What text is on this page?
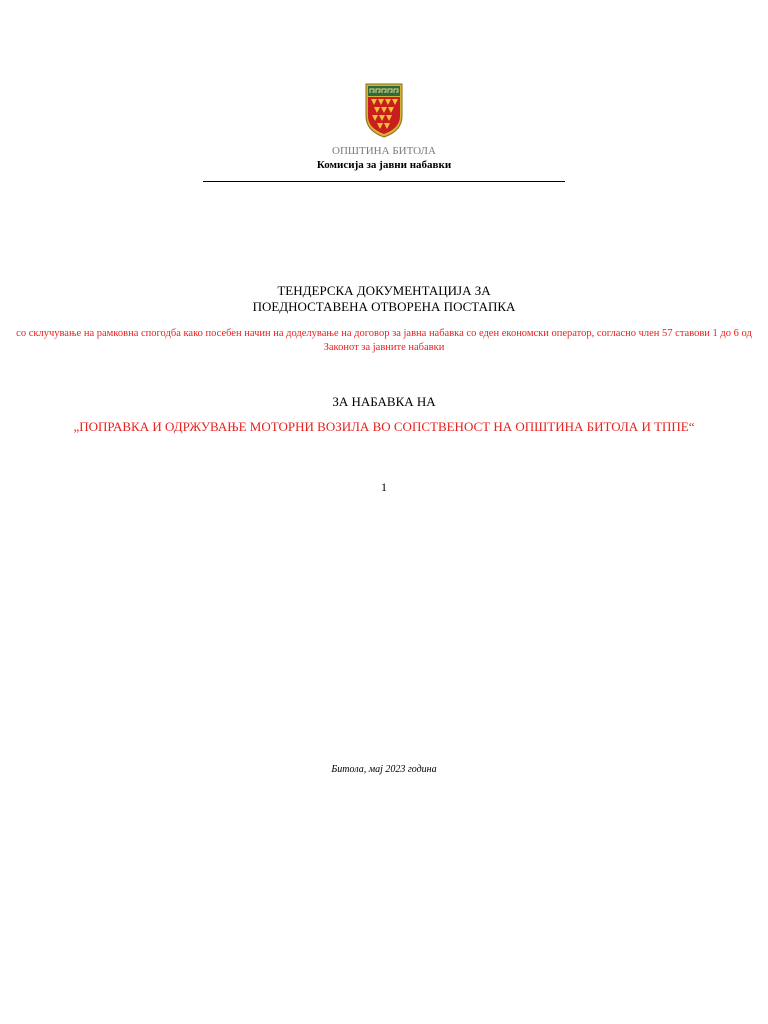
ОПШТИНА БИТОЛА
Комисија за јавни набавки
ТЕНДЕРСКА ДОКУМЕНТАЦИЈА ЗА
ПОЕДНОСТАВЕНА ОТВОРЕНА ПОСТАПКА
со склучување на рамковна спогодба како посебен начин на доделување на договор за јавна набавка со еден економски оператор, согласно член 57 ставови 1 до 6 од Законот за јавните набавки
ЗА НАБАВКА НА
„ПОПРАВКА И ОДРЖУВАЊЕ МОТОРНИ ВОЗИЛА ВО СОПСТВЕНОСТ НА ОПШТИНА БИТОЛА И ТППЕ“
1
Битола, мај 2023 година
